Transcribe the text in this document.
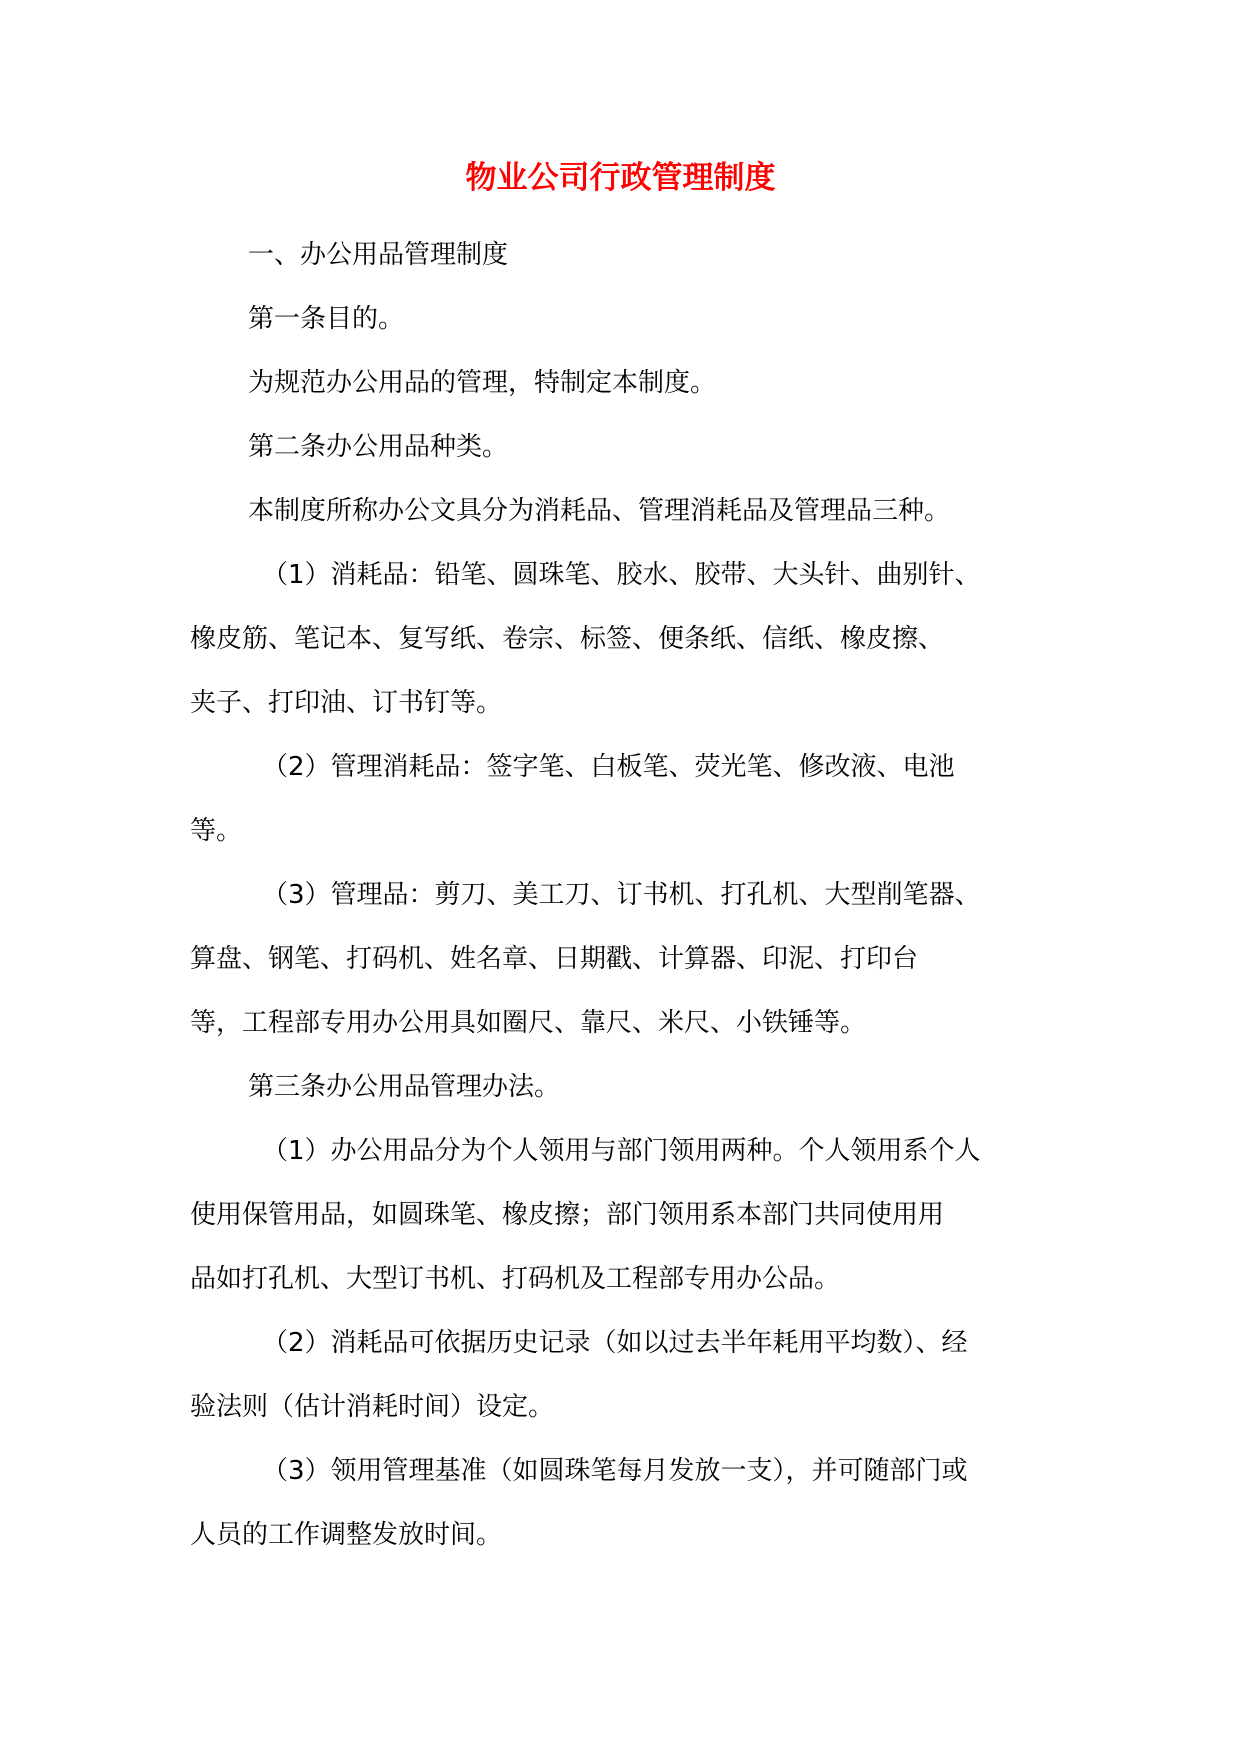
物业公司行政管理制度

一、办公用品管理制度

第一条目的。

为规范办公用品的管理，特制定本制度。

第二条办公用品种类。

本制度所称办公文具分为消耗品、管理消耗品及管理品三种。

（1）消耗品：铅笔、圆珠笔、胶水、胶带、大头针、曲别针、

橡皮筋、笔记本、复写纸、卷宗、标签、便条纸、信纸、橡皮擦、

夹子、打印油、订书钉等。

（2）管理消耗品：签字笔、白板笔、荧光笔、修改液、电池

等。

（3）管理品：剪刀、美工刀、订书机、打孔机、大型削笔器、

算盘、钢笔、打码机、姓名章、日期戳、计算器、印泥、打印台

等，工程部专用办公用具如圈尺、靠尺、米尺、小铁锤等。

第三条办公用品管理办法。

（1）办公用品分为个人领用与部门领用两种。个人领用系个人

使用保管用品，如圆珠笔、橡皮擦；部门领用系本部门共同使用用

品如打孔机、大型订书机、打码机及工程部专用办公品。

（2）消耗品可依据历史记录（如以过去半年耗用平均数）、经

验法则（估计消耗时间）设定。

（3）领用管理基准（如圆珠笔每月发放一支），并可随部门或

人员的工作调整发放时间。
